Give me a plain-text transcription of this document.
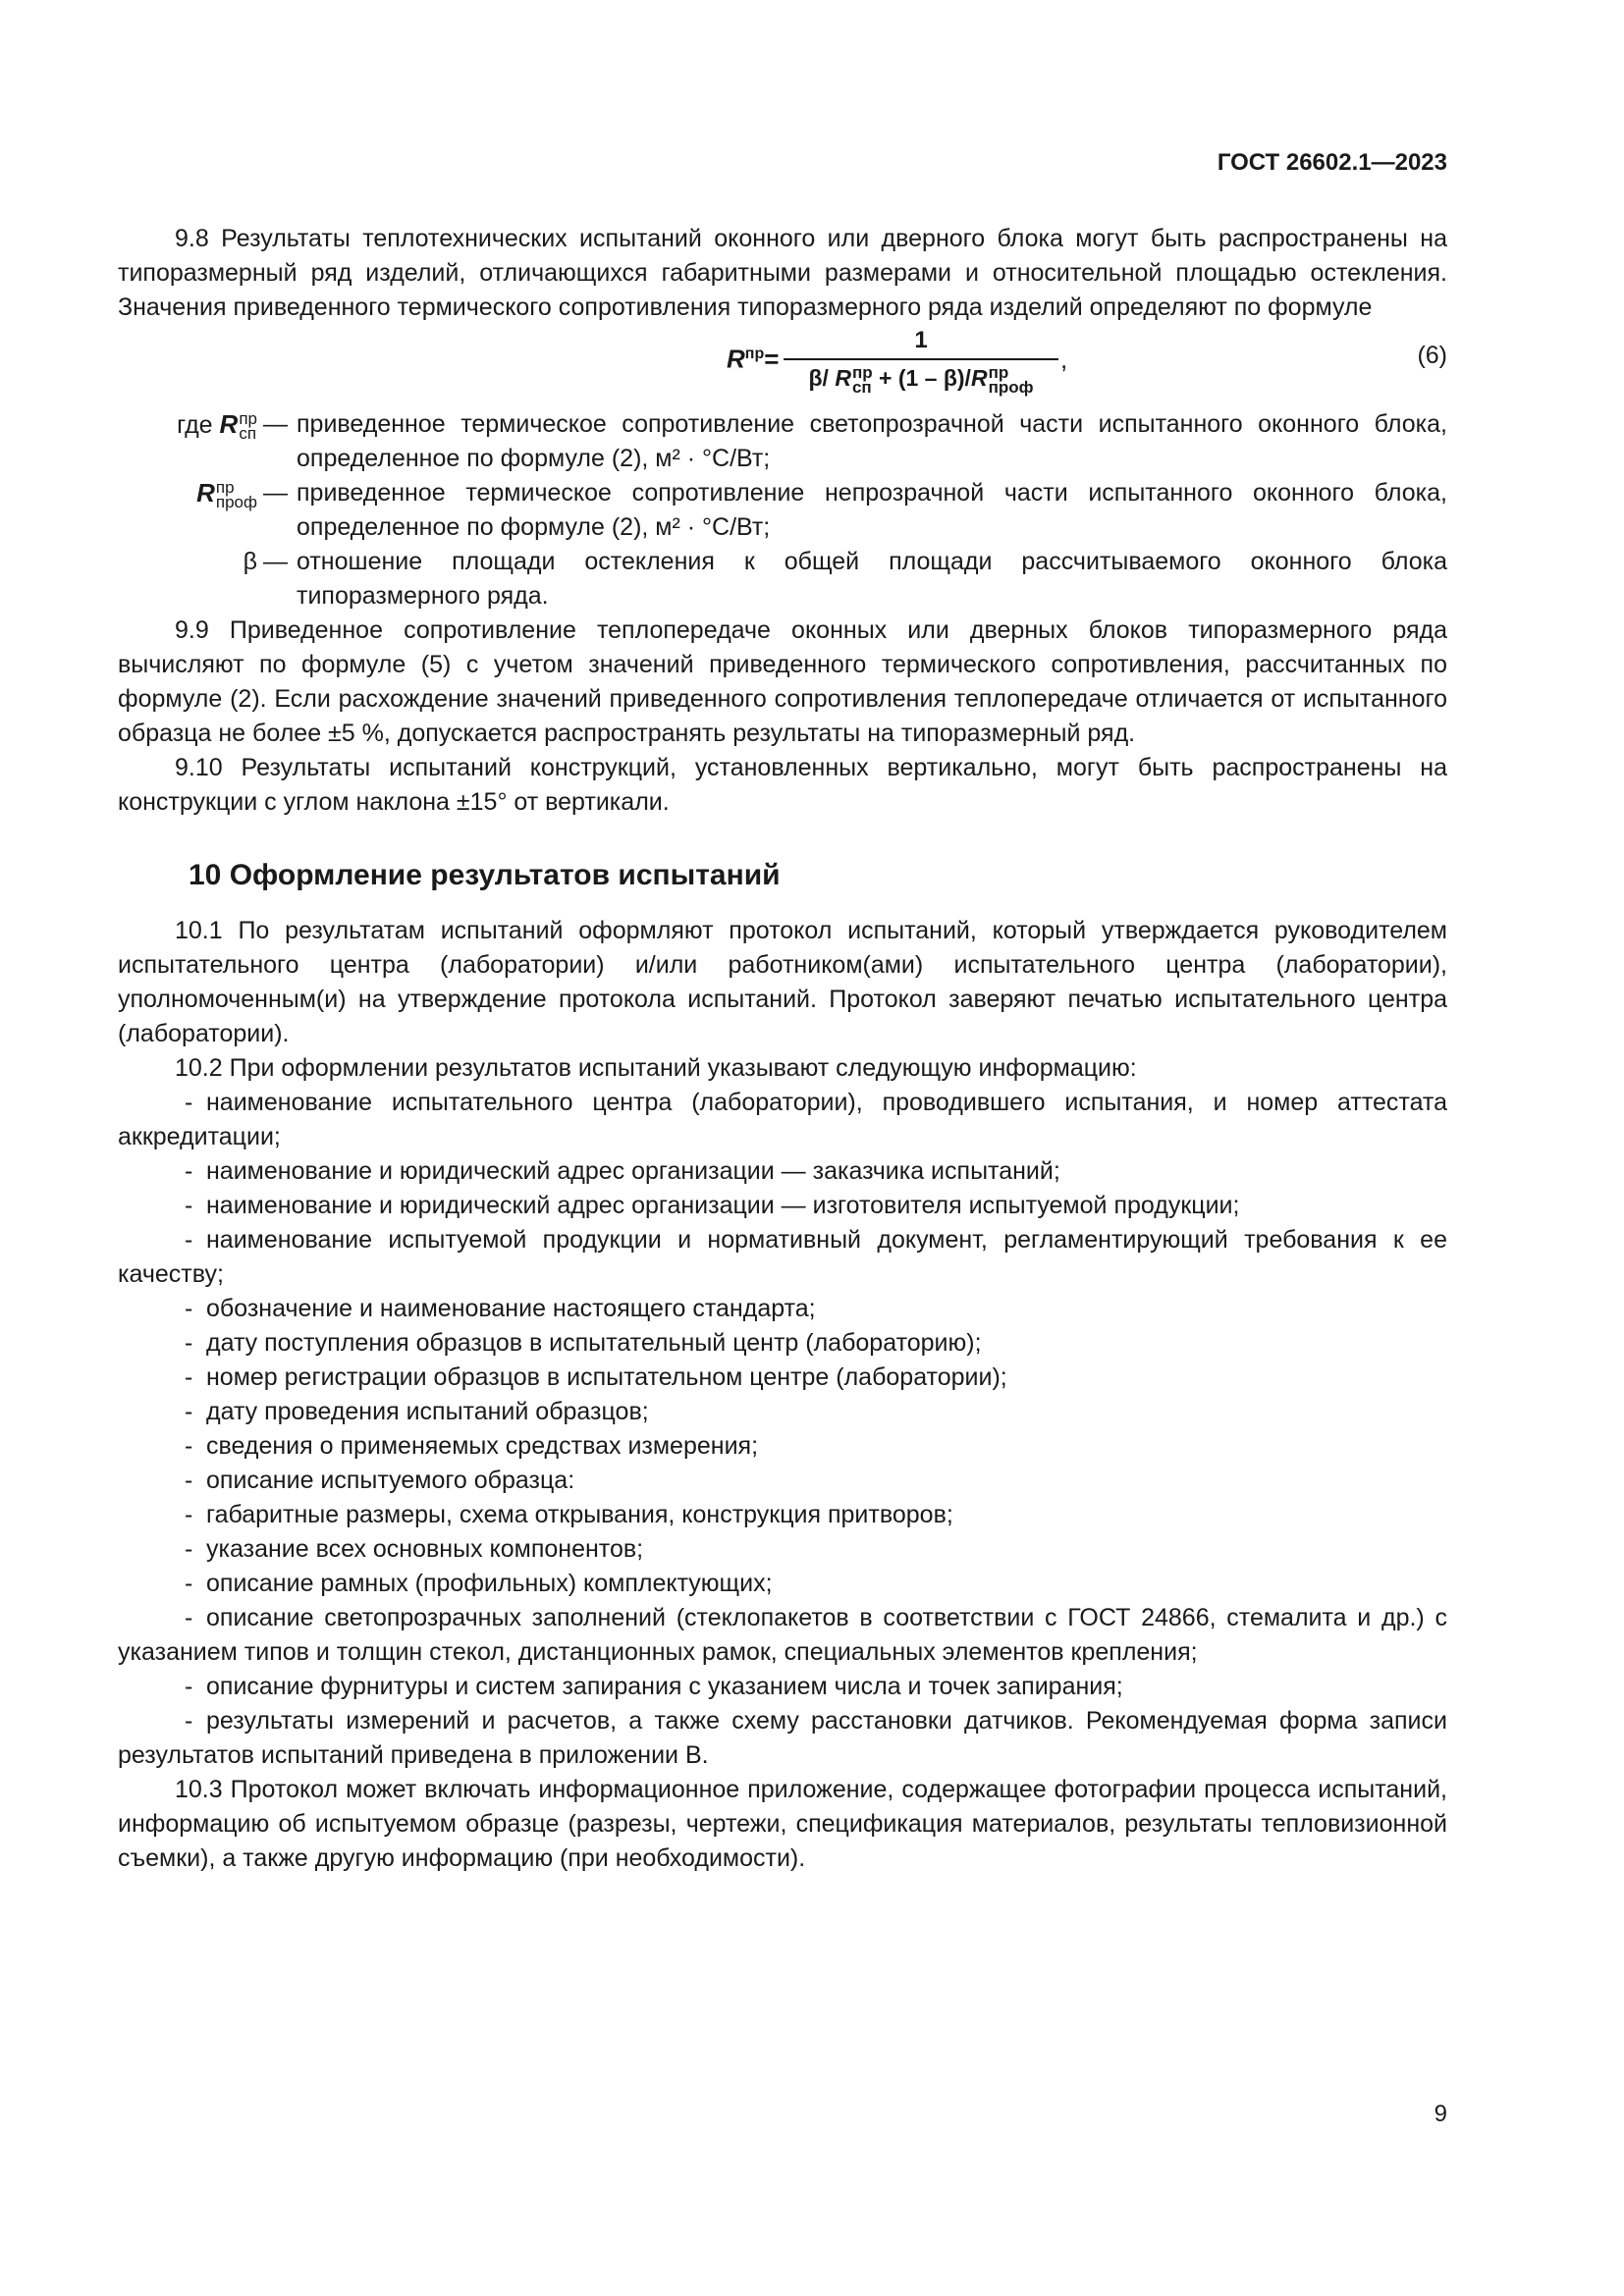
ГОСТ 26602.1—2023

9.8 Результаты теплотехнических испытаний оконного или дверного блока могут быть распространены на типоразмерный ряд изделий, отличающихся габаритными размерами и относительной площадью остекления. Значения приведенного термического сопротивления типоразмерного ряда изделий определяют по формуле

$R^{пр}=$
1
β/ R пр
сп + (1 – β)/R пр
проф
,	(6)
где R пр
сп — приведенное термическое сопротивление светопрозрачной части испытанного оконного блока, определенное по формуле (2), м² · °С/Вт;
R пр
проф — приведенное термическое сопротивление непрозрачной части испытанного оконного блока, определенное по формуле (2), м² · °С/Вт;
β — отношение площади остекления к общей площади рассчитываемого оконного блока типоразмерного ряда.

9.9 Приведенное сопротивление теплопередаче оконных или дверных блоков типоразмерного ряда вычисляют по формуле (5) с учетом значений приведенного термического сопротивления, рассчитанных по формуле (2). Если расхождение значений приведенного сопротивления теплопередаче отличается от испытанного образца не более ±5 %, допускается распространять результаты на типоразмерный ряд.

9.10 Результаты испытаний конструкций, установленных вертикально, могут быть распространены на конструкции с углом наклона ±15° от вертикали.

10 Оформление результатов испытаний

10.1 По результатам испытаний оформляют протокол испытаний, который утверждается руководителем испытательного центра (лаборатории) и/или работником(ами) испытательного центра (лаборатории), уполномоченным(и) на утверждение протокола испытаний. Протокол заверяют печатью испытательного центра (лаборатории).

10.2 При оформлении результатов испытаний указывают следующую информацию:

- наименование испытательного центра (лаборатории), проводившего испытания, и номер аттестата аккредитации;

- наименование и юридический адрес организации — заказчика испытаний;

- наименование и юридический адрес организации — изготовителя испытуемой продукции;

- наименование испытуемой продукции и нормативный документ, регламентирующий требования к ее качеству;

- обозначение и наименование настоящего стандарта;

- дату поступления образцов в испытательный центр (лабораторию);

- номер регистрации образцов в испытательном центре (лаборатории);

- дату проведения испытаний образцов;

- сведения о применяемых средствах измерения;

- описание испытуемого образца:

- габаритные размеры, схема открывания, конструкция притворов;

- указание всех основных компонентов;

- описание рамных (профильных) комплектующих;

- описание светопрозрачных заполнений (стеклопакетов в соответствии с ГОСТ 24866, стемалита и др.) с указанием типов и толщин стекол, дистанционных рамок, специальных элементов крепления;

- описание фурнитуры и систем запирания с указанием числа и точек запирания;

- результаты измерений и расчетов, а также схему расстановки датчиков. Рекомендуемая форма записи результатов испытаний приведена в приложении В.

10.3 Протокол может включать информационное приложение, содержащее фотографии процесса испытаний, информацию об испытуемом образце (разрезы, чертежи, спецификация материалов, результаты тепловизионной съемки), а также другую информацию (при необходимости).

9
